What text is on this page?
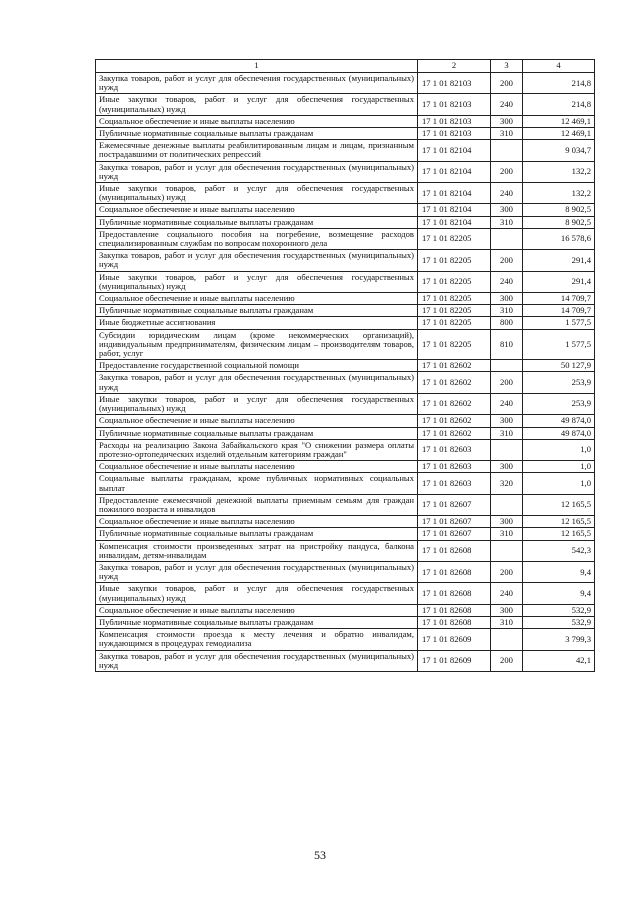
1	2	3	4
Закупка товаров, работ и услуг для обеспечения государственных (муниципальных) нужд	17 1 01 82103	200	214,8
Иные закупки товаров, работ и услуг для обеспечения государственных (муниципальных) нужд	17 1 01 82103	240	214,8
Социальное обеспечение и иные выплаты населению	17 1 01 82103	300	12 469,1
Публичные нормативные социальные выплаты гражданам	17 1 01 82103	310	12 469,1
Ежемесячные денежные выплаты реабилитированным лицам и лицам, признанным пострадавшими от политических репрессий	17 1 01 82104		9 034,7
Закупка товаров, работ и услуг для обеспечения государственных (муниципальных) нужд	17 1 01 82104	200	132,2
Иные закупки товаров, работ и услуг для обеспечения государственных (муниципальных) нужд	17 1 01 82104	240	132,2
Социальное обеспечение и иные выплаты населению	17 1 01 82104	300	8 902,5
Публичные нормативные социальные выплаты гражданам	17 1 01 82104	310	8 902,5
Предоставление социального пособия на погребение, возмещение расходов специализированным службам по вопросам похоронного дела	17 1 01 82205		16 578,6
Закупка товаров, работ и услуг для обеспечения государственных (муниципальных) нужд	17 1 01 82205	200	291,4
Иные закупки товаров, работ и услуг для обеспечения государственных (муниципальных) нужд	17 1 01 82205	240	291,4
Социальное обеспечение и иные выплаты населению	17 1 01 82205	300	14 709,7
Публичные нормативные социальные выплаты гражданам	17 1 01 82205	310	14 709,7
Иные бюджетные ассигнования	17 1 01 82205	800	1 577,5
Субсидии юридическим лицам (кроме некоммерческих организаций), индивидуальным предпринимателям, физическим лицам – производителям товаров, работ, услуг	17 1 01 82205	810	1 577,5
Предоставление государственной социальной помощи	17 1 01 82602		50 127,9
Закупка товаров, работ и услуг для обеспечения государственных (муниципальных) нужд	17 1 01 82602	200	253,9
Иные закупки товаров, работ и услуг для обеспечения государственных (муниципальных) нужд	17 1 01 82602	240	253,9
Социальное обеспечение и иные выплаты населению	17 1 01 82602	300	49 874,0
Публичные нормативные социальные выплаты гражданам	17 1 01 82602	310	49 874,0
Расходы на реализацию Закона Забайкальского края "О снижении размера оплаты протезно-ортопедических изделий отдельным категориям граждан"	17 1 01 82603		1,0
Социальное обеспечение и иные выплаты населению	17 1 01 82603	300	1,0
Социальные выплаты гражданам, кроме публичных нормативных социальных выплат	17 1 01 82603	320	1,0
Предоставление ежемесячной денежной выплаты приемным семьям для граждан пожилого возраста и инвалидов	17 1 01 82607		12 165,5
Социальное обеспечение и иные выплаты населению	17 1 01 82607	300	12 165,5
Публичные нормативные социальные выплаты гражданам	17 1 01 82607	310	12 165,5
Компенсация стоимости произведенных затрат на пристройку пандуса, балкона инвалидам, детям-инвалидам	17 1 01 82608		542,3
Закупка товаров, работ и услуг для обеспечения государственных (муниципальных) нужд	17 1 01 82608	200	9,4
Иные закупки товаров, работ и услуг для обеспечения государственных (муниципальных) нужд	17 1 01 82608	240	9,4
Социальное обеспечение и иные выплаты населению	17 1 01 82608	300	532,9
Публичные нормативные социальные выплаты гражданам	17 1 01 82608	310	532,9
Компенсация стоимости проезда к месту лечения и обратно инвалидам, нуждающимся в процедурах гемодиализа	17 1 01 82609		3 799,3
Закупка товаров, работ и услуг для обеспечения государственных (муниципальных) нужд	17 1 01 82609	200	42,1
53
